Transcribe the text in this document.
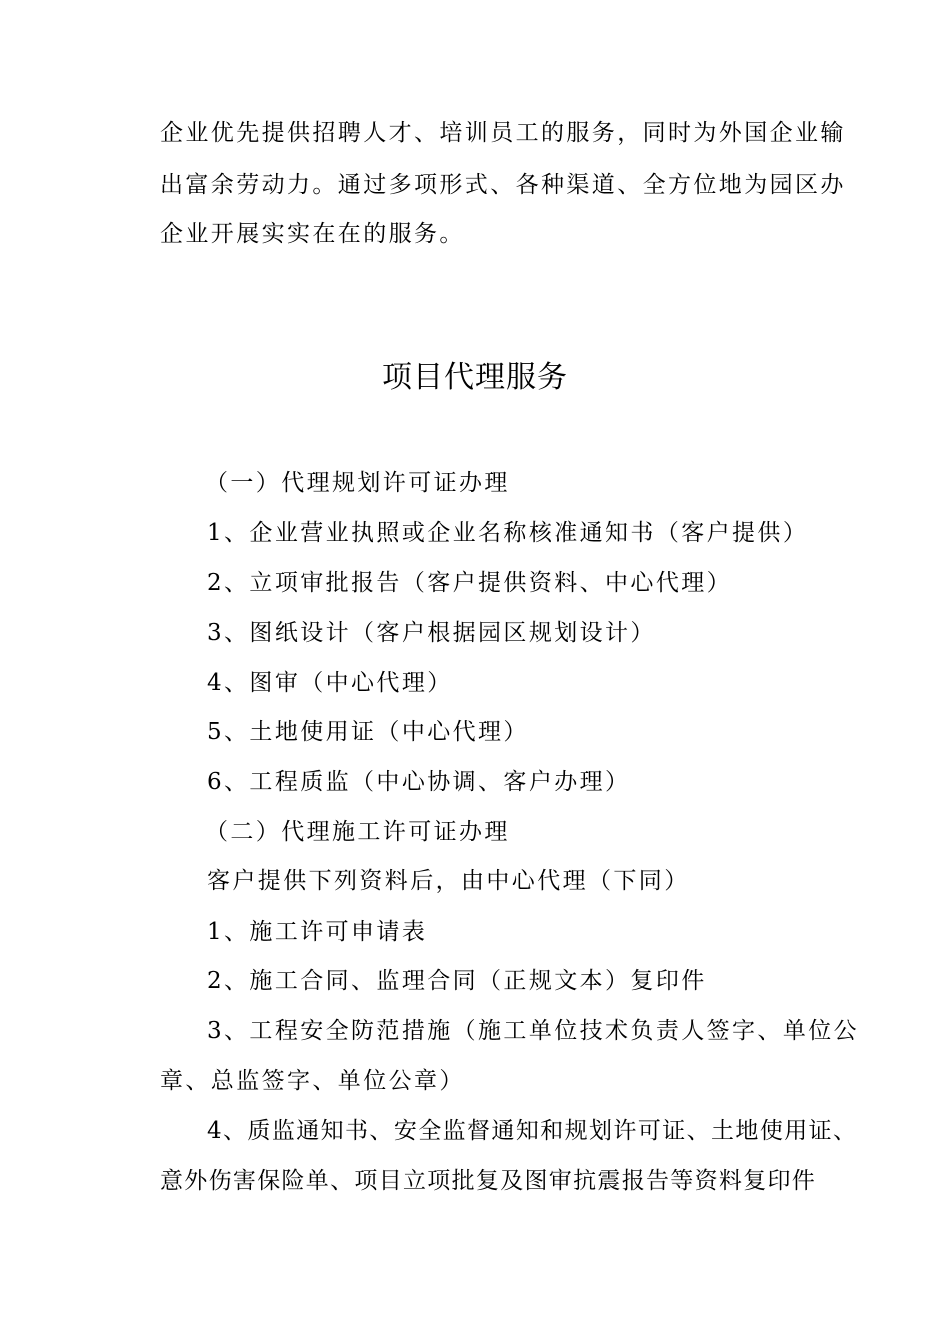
企业优先提供招聘人才、培训员工的服务，同时为外国企业输
出富余劳动力。通过多项形式、各种渠道、全方位地为园区办
企业开展实实在在的服务。
项目代理服务
（一）代理规划许可证办理
1、企业营业执照或企业名称核准通知书（客户提供）
2、立项审批报告（客户提供资料、中心代理）
3、图纸设计（客户根据园区规划设计）
4、图审（中心代理）
5、土地使用证（中心代理）
6、工程质监（中心协调、客户办理）
（二）代理施工许可证办理
客户提供下列资料后，由中心代理（下同）
1、施工许可申请表
2、施工合同、监理合同（正规文本）复印件
3、工程安全防范措施（施工单位技术负责人签字、单位公
章、总监签字、单位公章）
4、质监通知书、安全监督通知和规划许可证、土地使用证、
意外伤害保险单、项目立项批复及图审抗震报告等资料复印件
